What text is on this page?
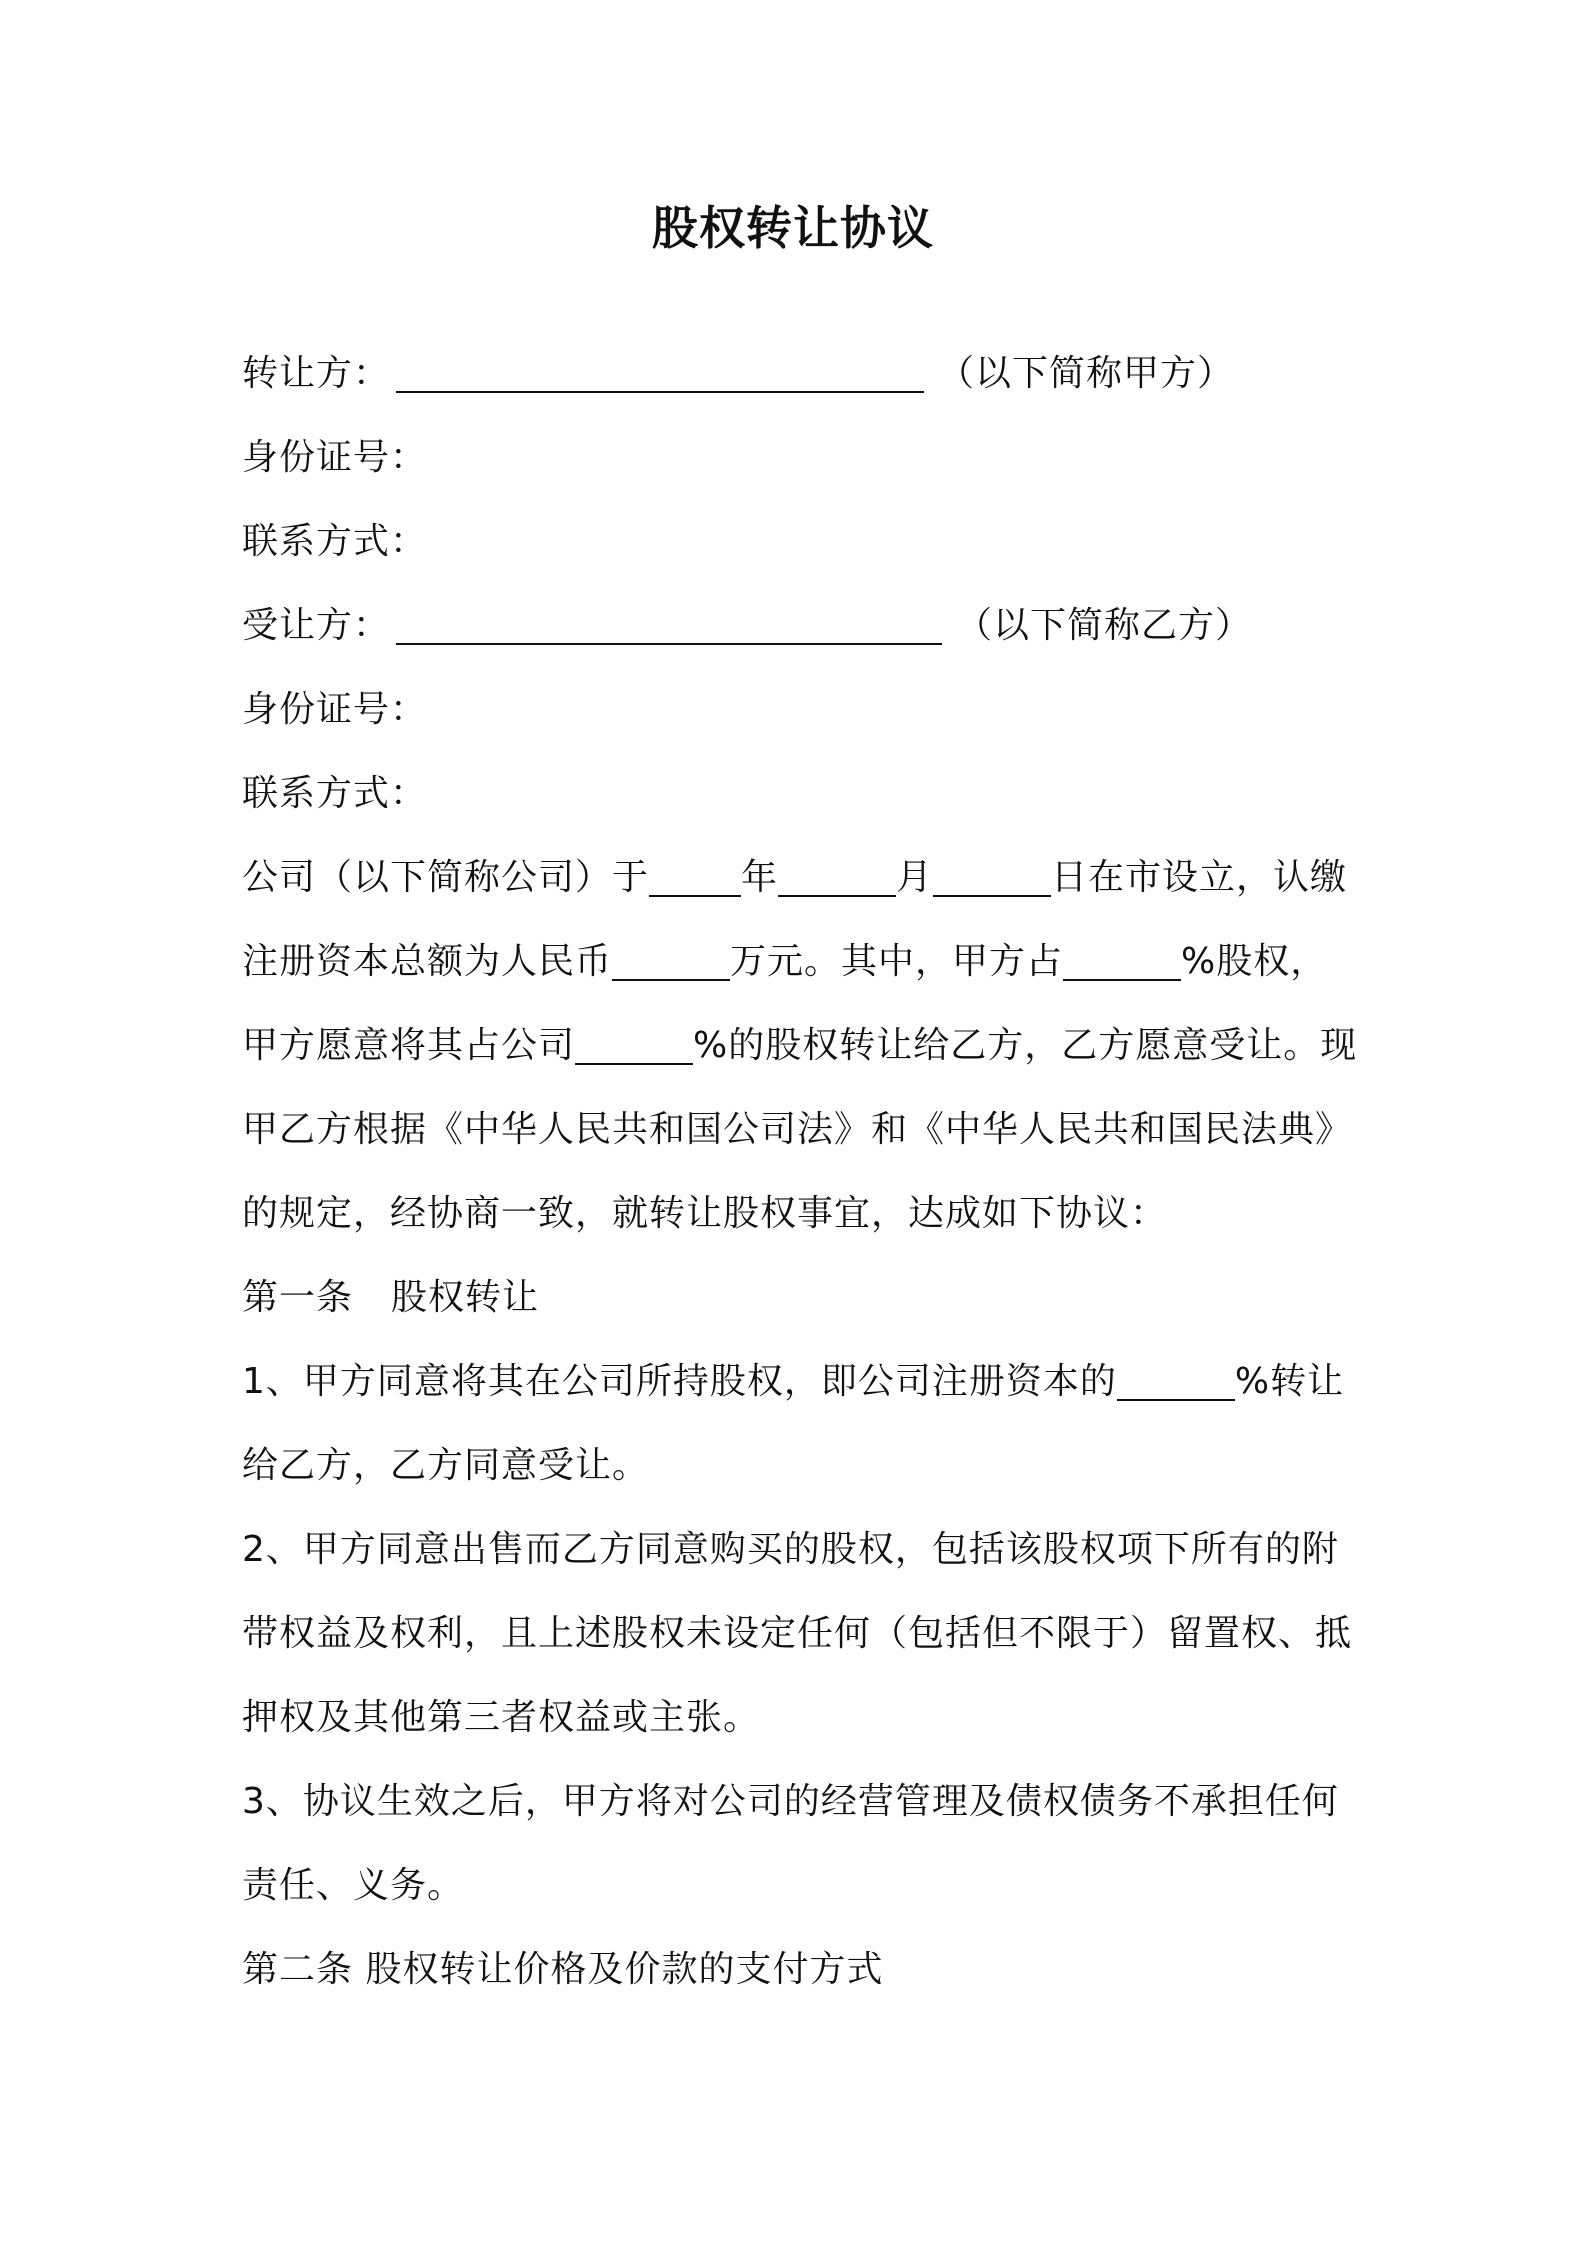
股权转让协议

转让方：	（以下简称甲方）

身份证号：

联系方式：

受让方：	（以下简称乙方）

身份证号：

联系方式：

公司（以下简称公司）于	年	月	日在市设立，认缴

注册资本总额为人民币	万元。其中，甲方占	%股权，

甲方愿意将其占公司	%的股权转让给乙方，乙方愿意受让。现

甲乙方根据《中华人民共和国公司法》和《中华人民共和国民法典》

的规定，经协商一致，就转让股权事宜，达成如下协议：

第一条 股权转让

1、甲方同意将其在公司所持股权，即公司注册资本的	%转让

给乙方，乙方同意受让。

2、甲方同意出售而乙方同意购买的股权，包括该股权项下所有的附

带权益及权利，且上述股权未设定任何（包括但不限于）留置权、抵

押权及其他第三者权益或主张。

3、协议生效之后，甲方将对公司的经营管理及债权债务不承担任何

责任、义务。

第二条 股权转让价格及价款的支付方式
